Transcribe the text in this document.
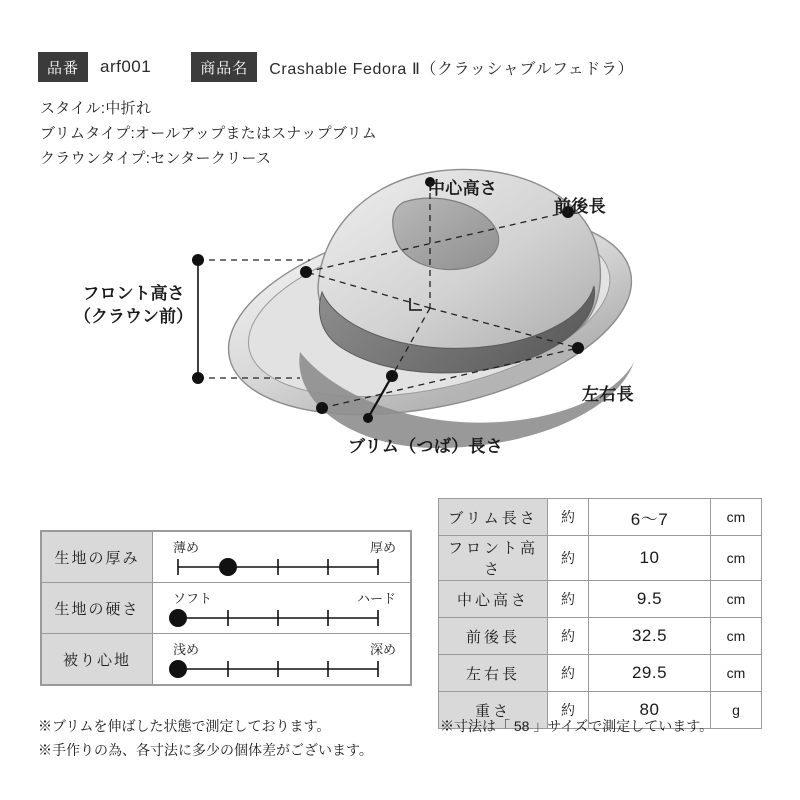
品番	arf001	商品名	Crashable Fedora Ⅱ（クラッシャブルフェドラ）
スタイル:中折れ
ブリムタイプ:オールアップまたはスナップブリム
クラウンタイプ:センタークリース
中心高さ
前後長
左右長
ブリム（つば）長さ
フロント高さ
（クラウン前）
生地の厚み	薄め 厚め

生地の硬さ	ソフト ハード

被り心地	浅め 深め
ブリム長さ	約	6〜7	cm
フロント高さ	約	10	cm
中心高さ	約	9.5	cm
前後長	約	32.5	cm
左右長	約	29.5	cm
重さ	約	80	g
※ブリムを伸ばした状態で測定しております。
※手作りの為、各寸法に多少の個体差がございます。
※寸法は「 58 」サイズで測定しています。
